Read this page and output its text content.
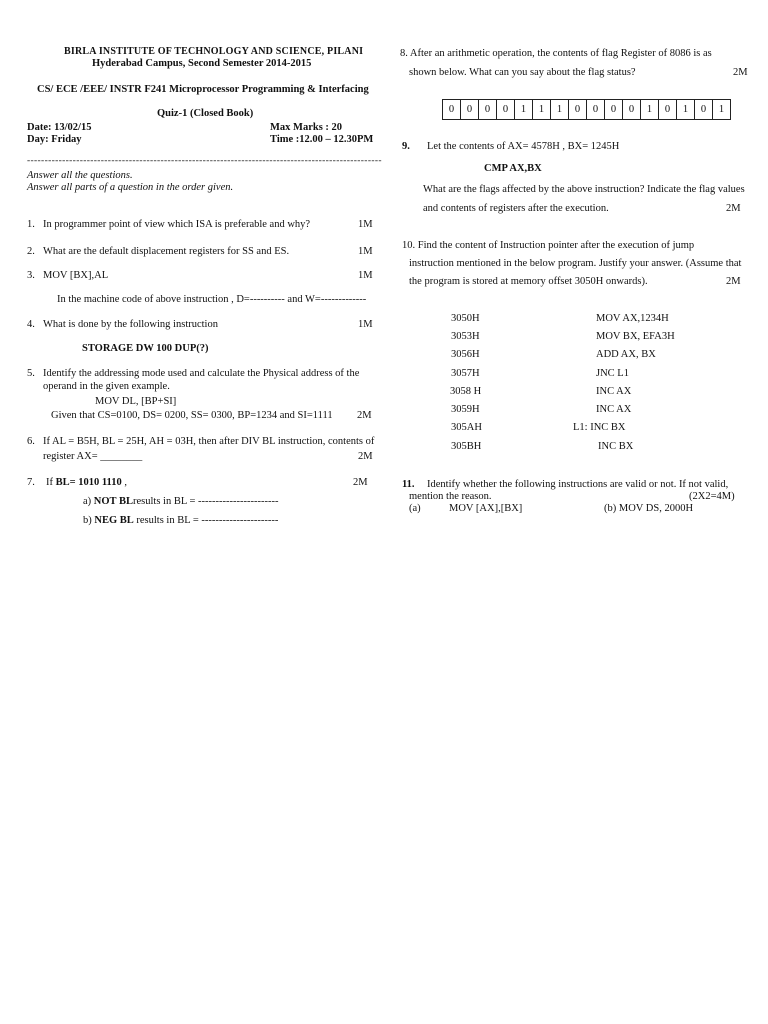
BIRLA INSTITUTE OF TECHNOLOGY AND SCIENCE, PILANI
Hyderabad Campus, Second Semester 2014-2015
CS/ ECE /EEE/ INSTR F241 Microprocessor Programming & Interfacing
Quiz-1 (Closed Book)
Date: 13/02/15	Max Marks : 20
Day: Friday	Time :12.00 – 12.30PM
-----------------------------------------------------------------------------------------------------
Answer all the questions.
Answer all parts of a question in the order given.
1. In programmer point of view which ISA is preferable and why?	1M
2. What are the default displacement registers for SS and ES.	1M
3. MOV [BX],AL	1M
In the machine code of above instruction , D=---------- and W=-------------
4. What is done by the following instruction	1M
STORAGE DW 100 DUP(?)
5. Identify the addressing mode used and calculate the Physical address of the
operand in the given example.
MOV DL, [BP+SI]
Given that CS=0100, DS= 0200, SS= 0300, BP=1234 and SI=1111 2M
6. If AL = B5H, BL = 25H, AH = 03H, then after DIV BL instruction, contents of
register AX= ________	2M
7. If BL= 1010 1110 ,	2M
a) NOT BLresults in BL = -----------------------
b) NEG BL results in BL = ----------------------
8. After an arithmetic operation, the contents of flag Register of 8086 is as
shown below. What can you say about the flag status?	2M
0	0	0	0	1	1	1	0	0	0	0	1	0	1	0	1
9. Let the contents of AX= 4578H , BX= 1245H
CMP AX,BX
What are the flags affected by the above instruction? Indicate the flag values
and contents of registers after the execution.	2M
10. Find the content of Instruction pointer after the execution of jump
instruction mentioned in the below program. Justify your answer. (Assume that
the program is stored at memory offset 3050H onwards).	2M
3050H	MOV AX,1234H
3053H	MOV BX, EFA3H
3056H	ADD AX, BX
3057H	JNC L1
3058 H	INC AX
3059H	INC AX
305AH	L1: INC BX
305BH	INC BX
11. Identify whether the following instructions are valid or not. If not valid,
mention the reason.	(2X2=4M)
(a)	MOV [AX],[BX]	(b) MOV DS, 2000H
